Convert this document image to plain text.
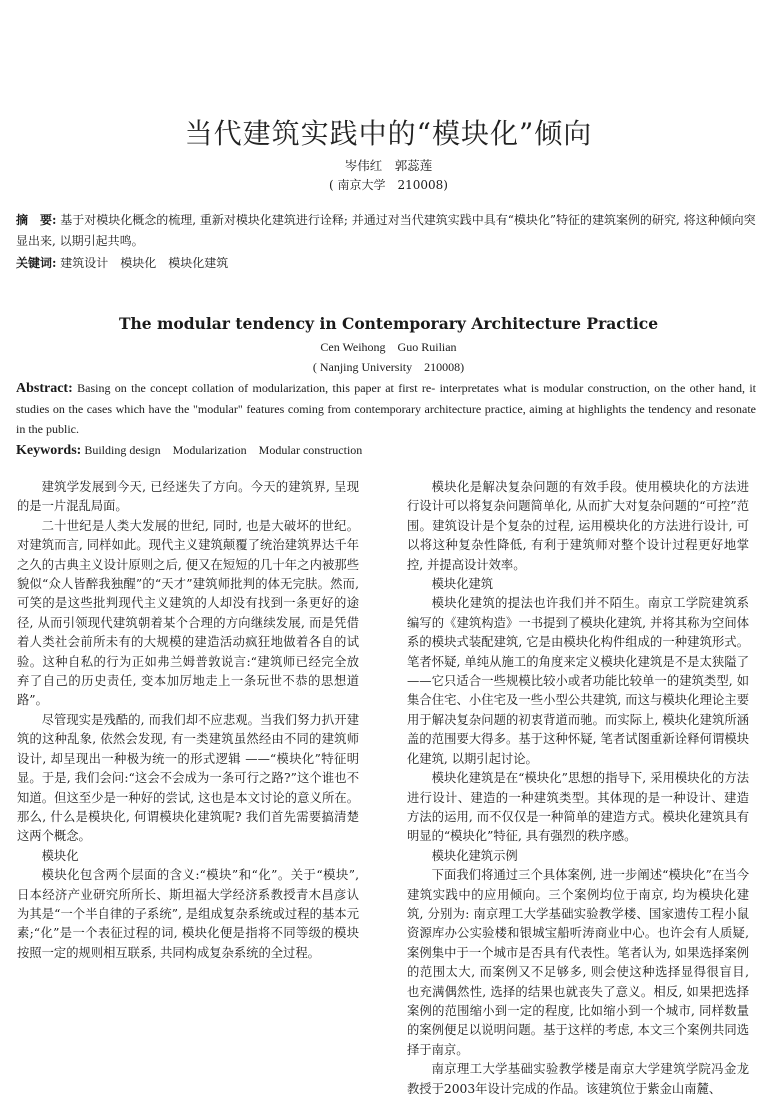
当代建筑实践中的“模块化”倾向
岑伟红　郭蕊莲
( 南京大学　210008)
摘　要: 基于对模块化概念的梳理, 重新对模块化建筑进行诠释; 并通过对当代建筑实践中具有“模块化”特征的建筑案例的研究, 将这种倾向突显出来, 以期引起共鸣。
关键词: 建筑设计　模块化　模块化建筑
The modular tendency in Contemporary Architecture Practice
Cen Weihong　Guo Ruilian
( Nanjing University　210008)
Abstract: Basing on the concept collation of modularization, this paper at first re- interpretates what is modular construction, on the other hand, it studies on the cases which have the "modular" features coming from contemporary architecture practice, aiming at highlights the tendency and resonate in the public.
Keywords: Building design　Modularization　Modular construction

建筑学发展到今天, 已经迷失了方向。今天的建筑界, 呈现的是一片混乱局面。

二十世纪是人类大发展的世纪, 同时, 也是大破坏的世纪。对建筑而言, 同样如此。现代主义建筑颠覆了统治建筑界达千年之久的古典主义设计原则之后, 便又在短短的几十年之内被那些貌似“众人皆醉我独醒”的“天才”建筑师批判的体无完肤。然而, 可笑的是这些批判现代主义建筑的人却没有找到一条更好的途径, 从而引领现代建筑朝着某个合理的方向继续发展, 而是凭借着人类社会前所未有的大规模的建造活动疯狂地做着各自的试验。这种自私的行为正如弗兰姆普敦说言:“建筑师已经完全放弃了自己的历史责任, 变本加厉地走上一条玩世不恭的思想道路”。

尽管现实是残酷的, 而我们却不应悲观。当我们努力扒开建筑的这种乱象, 依然会发现, 有一类建筑虽然经由不同的建筑师设计, 却呈现出一种极为统一的形式逻辑 ——“模块化”特征明显。于是, 我们会问:“这会不会成为一条可行之路?”这个谁也不知道。但这至少是一种好的尝试, 这也是本文讨论的意义所在。那么, 什么是模块化, 何谓模块化建筑呢? 我们首先需要搞清楚这两个概念。

模块化

模块化包含两个层面的含义:“模块”和“化”。关于“模块”, 日本经济产业研究所所长、斯坦福大学经济系教授青木昌彦认为其是“一个半自律的子系统”, 是组成复杂系统或过程的基本元素;“化”是一个表征过程的词, 模块化便是指将不同等级的模块按照一定的规则相互联系, 共同构成复杂系统的全过程。

模块化是解决复杂问题的有效手段。使用模块化的方法进行设计可以将复杂问题简单化, 从而扩大对复杂问题的“可控”范围。建筑设计是个复杂的过程, 运用模块化的方法进行设计, 可以将这种复杂性降低, 有利于建筑师对整个设计过程更好地掌控, 并提高设计效率。

模块化建筑

模块化建筑的提法也许我们并不陌生。南京工学院建筑系编写的《建筑构造》一书提到了模块化建筑, 并将其称为空间体系的模块式装配建筑, 它是由模块化构件组成的一种建筑形式。笔者怀疑, 单纯从施工的角度来定义模块化建筑是不是太狭隘了 ——它只适合一些规模比较小或者功能比较单一的建筑类型, 如集合住宅、小住宅及一些小型公共建筑, 而这与模块化理论主要用于解决复杂问题的初衷背道而驰。而实际上, 模块化建筑所涵盖的范围要大得多。基于这种怀疑, 笔者试图重新诠释何谓模块化建筑, 以期引起讨论。

模块化建筑是在“模块化”思想的指导下, 采用模块化的方法进行设计、建造的一种建筑类型。其体现的是一种设计、建造方法的运用, 而不仅仅是一种简单的建造方式。模块化建筑具有明显的“模块化”特征, 具有强烈的秩序感。

模块化建筑示例

下面我们将通过三个具体案例, 进一步阐述“模块化”在当今建筑实践中的应用倾向。三个案例均位于南京, 均为模块化建筑, 分别为: 南京理工大学基础实验教学楼、国家遗传工程小鼠资源库办公实验楼和银城宝船听涛商业中心。也许会有人质疑, 案例集中于一个城市是否具有代表性。笔者认为, 如果选择案例的范围太大, 而案例又不足够多, 则会使这种选择显得很盲目, 也充满偶然性, 选择的结果也就丧失了意义。相反, 如果把选择案例的范围缩小到一定的程度, 比如缩小到一个城市, 同样数量的案例便足以说明问题。基于这样的考虑, 本文三个案例共同选择于南京。

南京理工大学基础实验教学楼是南京大学建筑学院冯金龙教授于2003年设计完成的作品。该建筑位于紫金山南麓、
